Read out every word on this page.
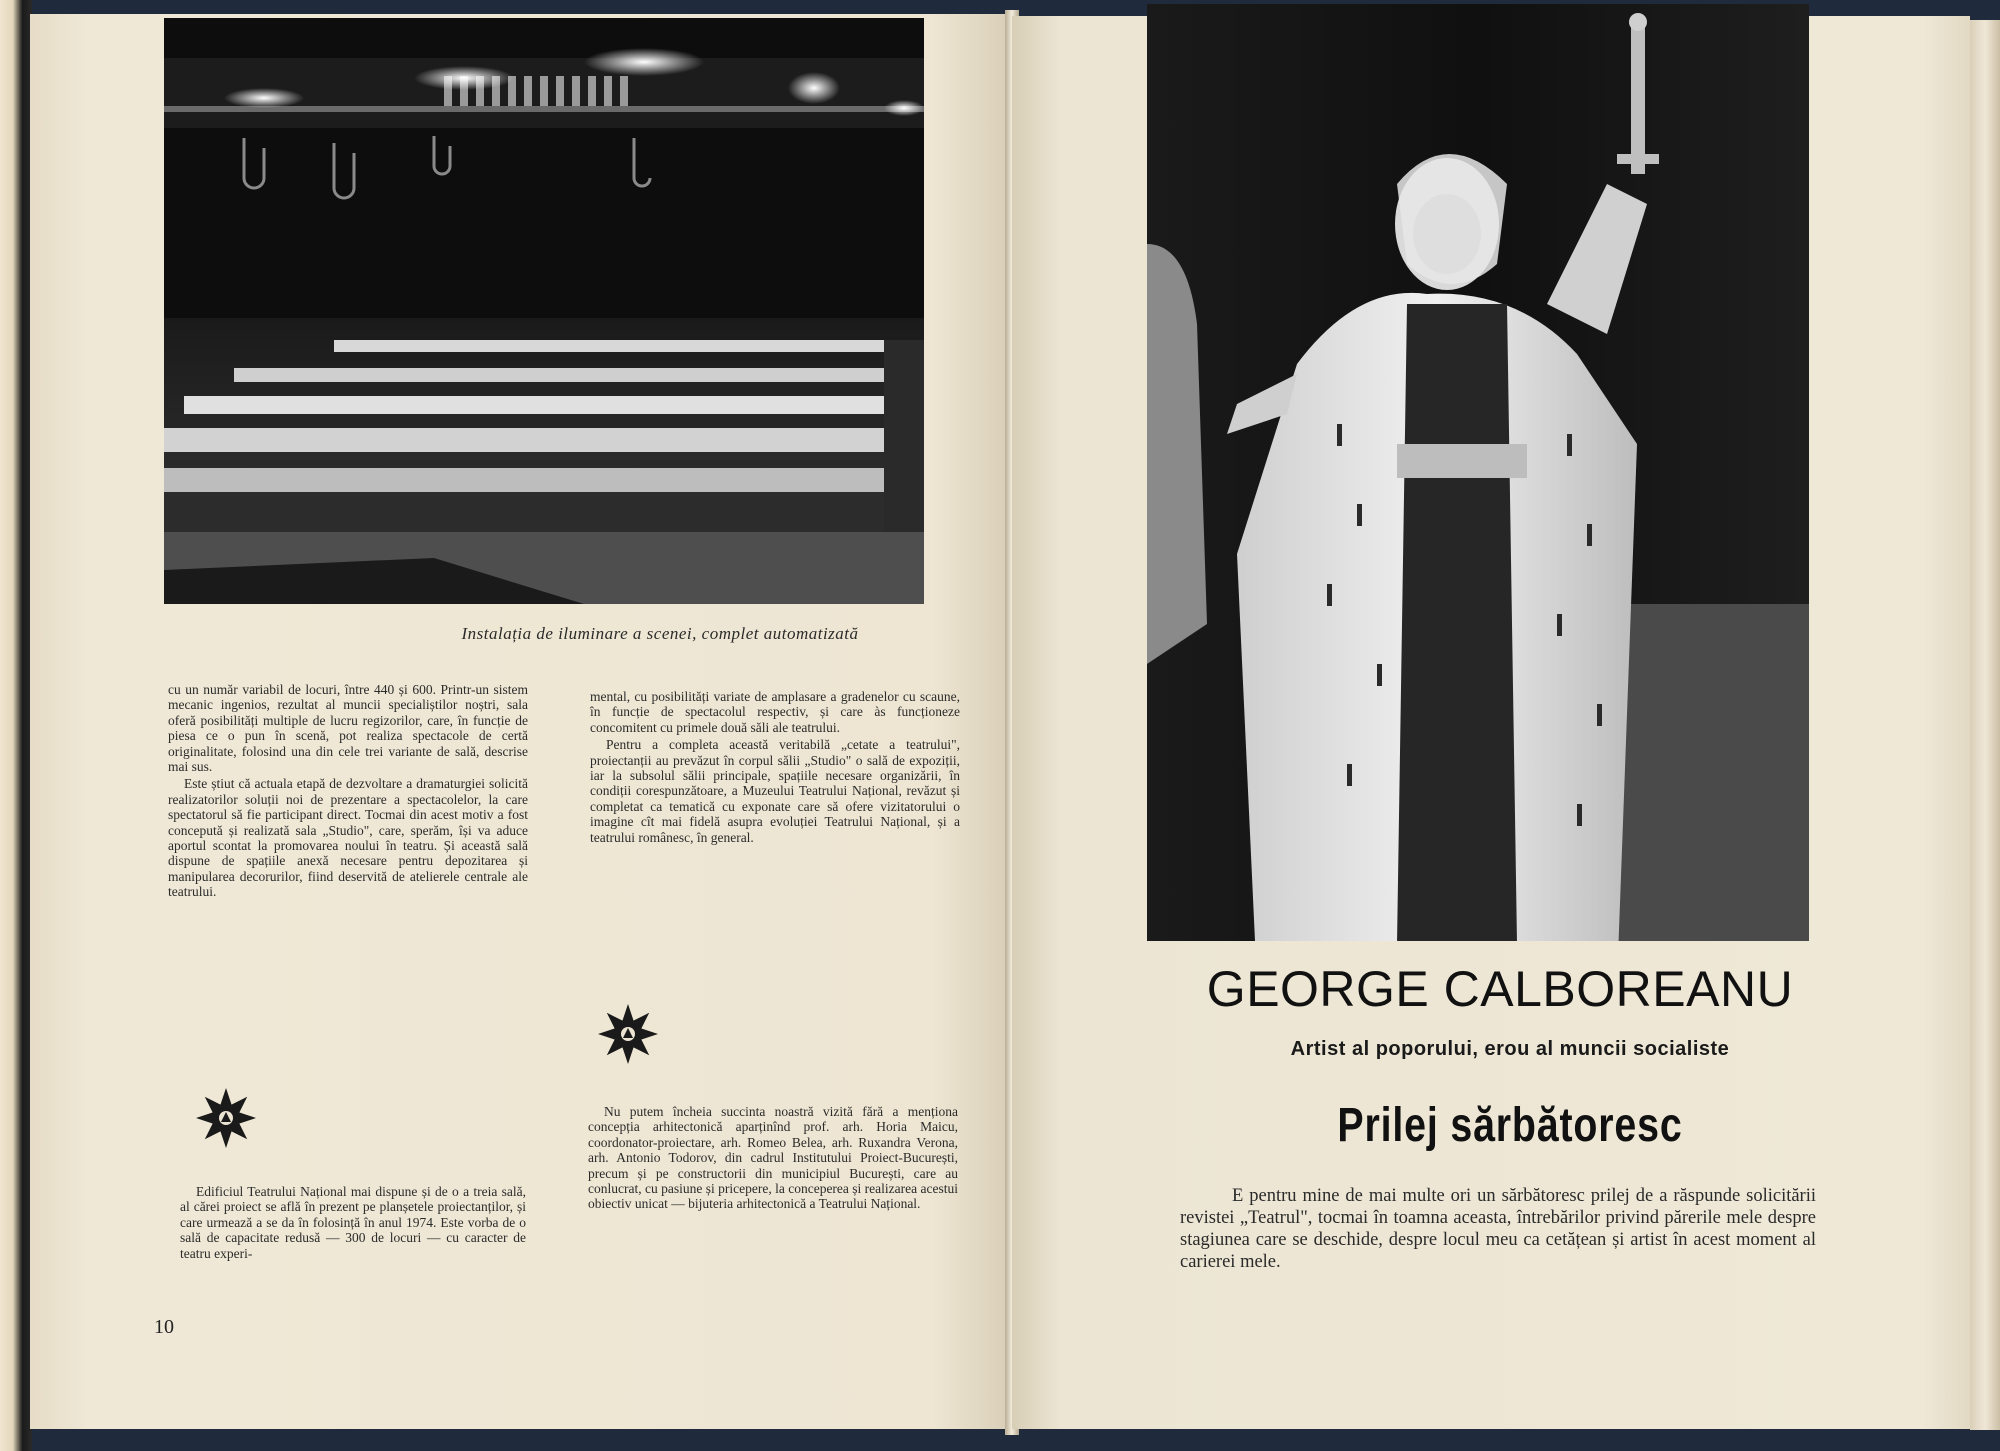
Instalația de iluminare a scenei, complet automatizată

cu un număr variabil de locuri, între 440 și 600. Printr-un sistem mecanic ingenios, rezultat al muncii specialiștilor noștri, sala oferă posibilități multiple de lucru regizorilor, care, în funcție de piesa ce o pun în scenă, pot realiza spectacole de certă originalitate, folosind una din cele trei variante de sală, descrise mai sus.

Este știut că actuala etapă de dezvoltare a dramaturgiei solicită realizatorilor soluții noi de prezentare a spectacolelor, la care spectatorul să fie participant direct. Tocmai din acest motiv a fost concepută și realizată sala „Studio", care, sperăm, își va aduce aportul scontat la promovarea noului în teatru. Și această sală dispune de spațiile anexă necesare pentru depozitarea și manipularea decorurilor, fiind deservită de atelierele centrale ale teatrului.

mental, cu posibilități variate de amplasare a gradenelor cu scaune, în funcție de spectacolul respectiv, și care às funcționeze concomitent cu primele două săli ale teatrului.

Pentru a completa această veritabilă „cetate a teatrului", proiectanții au prevăzut în corpul sălii „Studio" o sală de expoziții, iar la subsolul sălii principale, spațiile necesare organizării, în condiții corespunzătoare, a Muzeului Teatrului Național, revăzut și completat ca tematică cu exponate care să ofere vizitatorului o imagine cît mai fidelă asupra evoluției Teatrului Național, și a teatrului românesc, în general.

Edificiul Teatrului Național mai dispune și de o a treia sală, al cărei proiect se află în prezent pe planșetele proiectanților, și care urmează a se da în folosință în anul 1974. Este vorba de o sală de capacitate redusă — 300 de locuri — cu caracter de teatru experi-

Nu putem încheia succinta noastră vizită fără a menționa concepția arhitectonică aparținînd prof. arh. Horia Maicu, coordonator-proiectare, arh. Romeo Belea, arh. Ruxandra Verona, arh. Antonio Todorov, din cadrul Institutului Proiect-București, precum și pe constructorii din municipiul București, care au conlucrat, cu pasiune și pricepere, la conceperea și realizarea acestui obiectiv unicat — bijuteria arhitectonică a Teatrului Național.

10
GEORGE CALBOREANU
Artist al poporului, erou al muncii socialiste
Prilej sărbătoresc

E pentru mine de mai multe ori un sărbătoresc prilej de a răspunde solicitării revistei „Teatrul", tocmai în toamna aceasta, întrebărilor privind părerile mele despre stagiunea care se deschide, despre locul meu ca cetățean și artist în acest moment al carierei mele.
